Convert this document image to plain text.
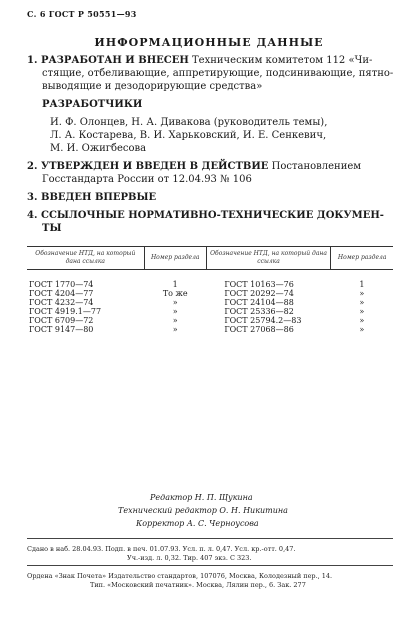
С. 6 ГОСТ Р 50551—93
ИНФОРМАЦИОННЫЕ ДАННЫЕ
1. РАЗРАБОТАН И ВНЕСЕН Техническим комитетом 112 «Чи-
стящие, отбеливающие, аппретирующие, подсинивающие, пятно-
выводящие и дезодорирующие средства»
РАЗРАБОТЧИКИ
И. Ф. Олонцев, Н. А. Дивакова (руководитель темы),
Л. А. Костарева, В. И. Харьковский, И. Е. Сенкевич,
М. И. Ожигбесова
2. УТВЕРЖДЕН И ВВЕДЕН В ДЕЙСТВИЕ Постановлением
Госстандарта России от 12.04.93 № 106
3. ВВЕДЕН ВПЕРВЫЕ
4. ССЫЛОЧНЫЕ НОРМАТИВНО-ТЕХНИЧЕСКИЕ ДОКУМЕН-
ТЫ
Обозначение НТД, на который дана ссылка	Номер раздела	Обозначение НТД, на который дана ссылка	Номер раздела
ГОСТ 1770—74	1	ГОСТ 10163—76	1
ГОСТ 4204—77	То же	ГОСТ 20292—74	»
ГОСТ 4232—74	»	ГОСТ 24104—88	»
ГОСТ 4919.1—77	»	ГОСТ 25336—82	»
ГОСТ 6709—72	»	ГОСТ 25794.2—83	»
ГОСТ 9147—80	»	ГОСТ 27068—86	»
Редактор Н. П. Щукина
Технический редактор О. Н. Никитина
Корректор А. С. Черноусова
Сдано в наб. 28.04.93. Подп. в печ. 01.07.93. Усл. п. л. 0,47. Усл. кр.-отт. 0,47.
Уч.-изд. л. 0,32. Тир. 407 экз. С 323.
Ордена «Знак Почета» Издательство стандартов, 107076, Москва, Колодезный пер., 14.
Тип. «Московский печатник». Москва, Лялин пер., 6. Зак. 277
